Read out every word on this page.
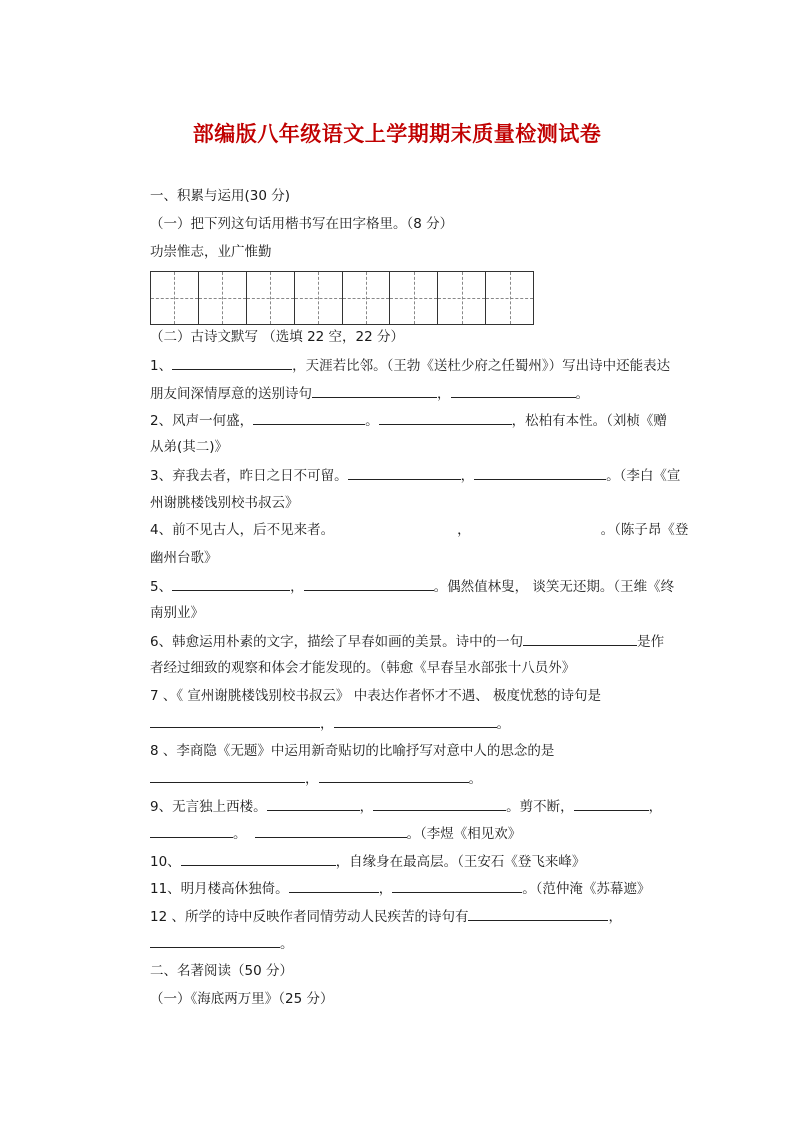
部编版八年级语文上学期期末质量检测试卷
一、积累与运用(30 分)
（一）把下列这句话用楷书写在田字格里。（8 分）
功崇惟志，业广惟勤
（二）古诗文默写 （选填 22 空，22 分）
1、	，天涯若比邻。（王勃《送杜少府之任蜀州》）写出诗中还能表达
朋友间深情厚意的送别诗句	，	。
2、风声一何盛，	。	，松柏有本性。（刘桢《赠
从弟(其二)》
3、弃我去者，昨日之日不可留。	，	。（李白《宣
州谢朓楼饯别校书叔云》
4、前不见古人，后不见来者。	，	。（陈子昂《登
幽州台歌》
5、	，	。偶然值林叟， 谈笑无还期。（王维《终
南别业》
6、韩愈运用朴素的文字，描绘了早春如画的美景。诗中的一句	是作
者经过细致的观察和体会才能发现的。（韩愈《早春呈水部张十八员外》
7 、《 宣州谢朓楼饯别校书叔云》 中表达作者怀才不遇、 极度忧愁的诗句是
，	。
8 、李商隐《无题》中运用新奇贴切的比喻抒写对意中人的思念的是
，	。
9、无言独上西楼。	，	。剪不断，	，
。	。（李煜《相见欢》
10、	，自缘身在最高层。（王安石《登飞来峰》
11、明月楼高休独倚。	，	。（范仲淹《苏幕遮》
12 、所学的诗中反映作者同情劳动人民疾苦的诗句有	，
。
二、名著阅读（50 分）
（一）《海底两万里》（25 分）
